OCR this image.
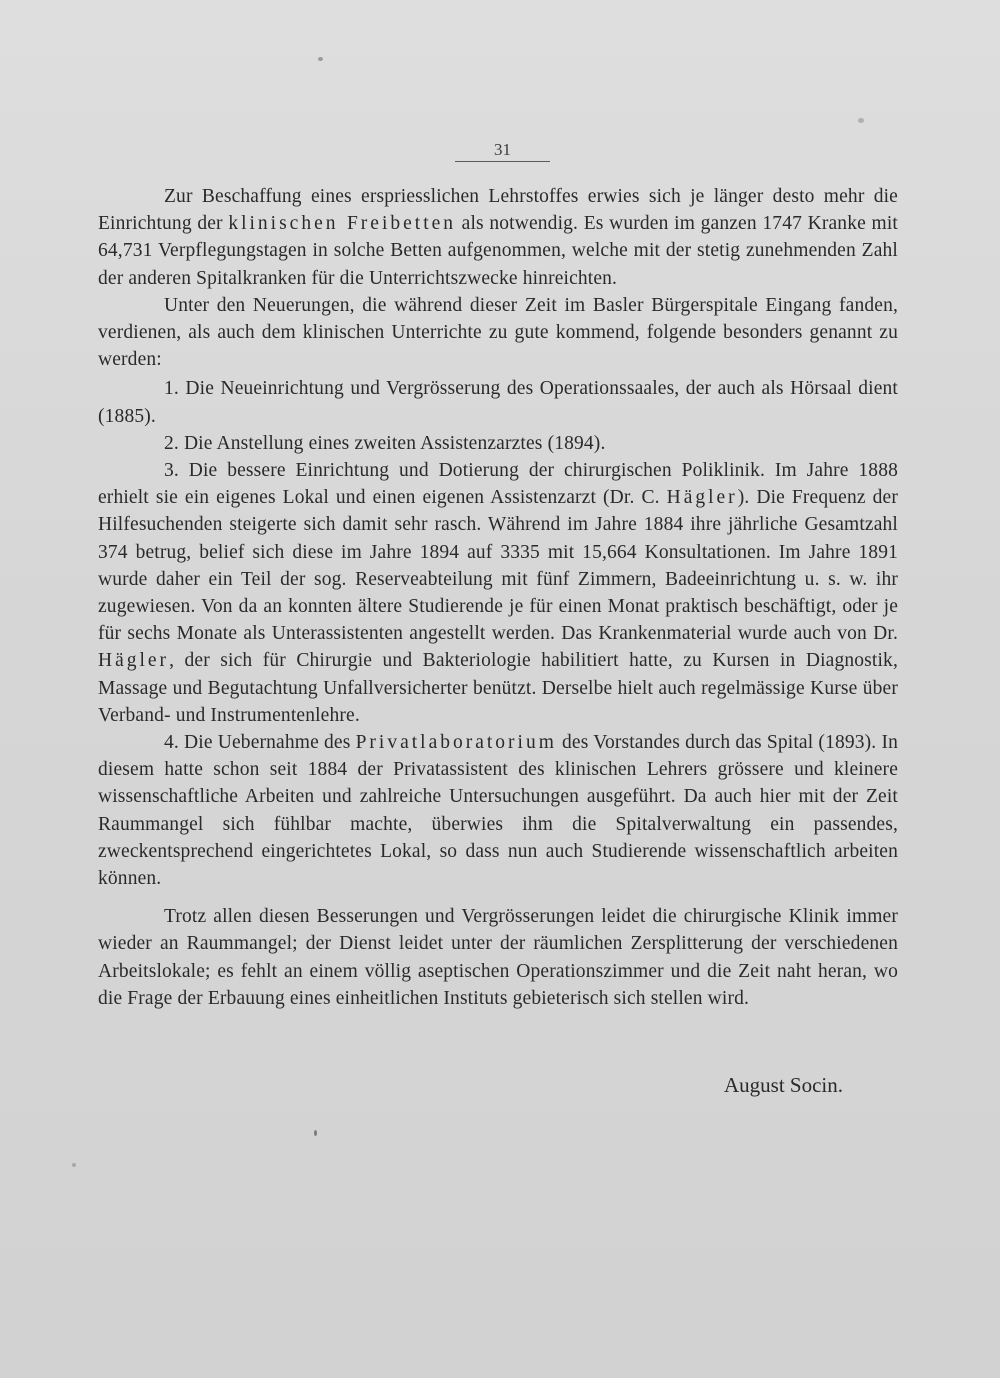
31

Zur Beschaffung eines erspriesslichen Lehrstoffes erwies sich je länger desto mehr die Einrichtung der klinischen Freibetten als notwendig. Es wurden im ganzen 1747 Kranke mit 64,731 Verpflegungstagen in solche Betten aufgenommen, welche mit der stetig zunehmenden Zahl der anderen Spitalkranken für die Unterrichtszwecke hinreichten.

Unter den Neuerungen, die während dieser Zeit im Basler Bürgerspitale Eingang fanden, verdienen, als auch dem klinischen Unterrichte zu gute kommend, folgende besonders genannt zu werden:

1. Die Neueinrichtung und Vergrösserung des Operationssaales, der auch als Hörsaal dient (1885).

2. Die Anstellung eines zweiten Assistenzarztes (1894).

3. Die bessere Einrichtung und Dotierung der chirurgischen Poliklinik. Im Jahre 1888 erhielt sie ein eigenes Lokal und einen eigenen Assistenzarzt (Dr. C. Hägler). Die Frequenz der Hilfesuchenden steigerte sich damit sehr rasch. Während im Jahre 1884 ihre jährliche Gesamtzahl 374 betrug, belief sich diese im Jahre 1894 auf 3335 mit 15,664 Konsultationen. Im Jahre 1891 wurde daher ein Teil der sog. Reserveabteilung mit fünf Zimmern, Badeeinrichtung u. s. w. ihr zugewiesen. Von da an konnten ältere Studierende je für einen Monat praktisch beschäftigt, oder je für sechs Monate als Unterassistenten angestellt werden. Das Krankenmaterial wurde auch von Dr. Hägler, der sich für Chirurgie und Bakteriologie habilitiert hatte, zu Kursen in Diagnostik, Massage und Begutachtung Unfallversicherter benützt. Derselbe hielt auch regelmässige Kurse über Verband- und Instrumentenlehre.

4. Die Uebernahme des Privatlaboratorium des Vorstandes durch das Spital (1893). In diesem hatte schon seit 1884 der Privatassistent des klinischen Lehrers grössere und kleinere wissenschaftliche Arbeiten und zahlreiche Untersuchungen ausgeführt. Da auch hier mit der Zeit Raummangel sich fühlbar machte, überwies ihm die Spitalverwaltung ein passendes, zweckentsprechend eingerichtetes Lokal, so dass nun auch Studierende wissenschaftlich arbeiten können.

Trotz allen diesen Besserungen und Vergrösserungen leidet die chirurgische Klinik immer wieder an Raummangel; der Dienst leidet unter der räumlichen Zersplitterung der verschiedenen Arbeitslokale; es fehlt an einem völlig aseptischen Operationszimmer und die Zeit naht heran, wo die Frage der Erbauung eines einheitlichen Instituts gebieterisch sich stellen wird.

August Socin.
